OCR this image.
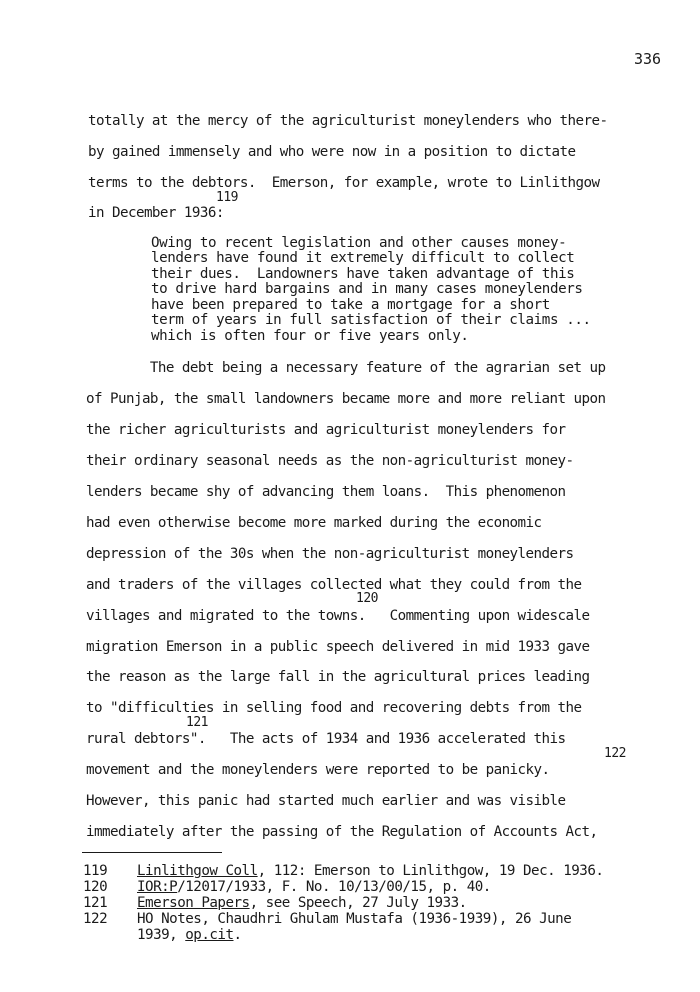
336
totally at the mercy of the agriculturist moneylenders who there-
by gained immensely and who were now in a position to dictate
terms to the debtors.  Emerson, for example, wrote to Linlithgow
119
in December 1936:
Owing to recent legislation and other causes money-
lenders have found it extremely difficult to collect
their dues.  Landowners have taken advantage of this
to drive hard bargains and in many cases moneylenders
have been prepared to take a mortgage for a short
term of years in full satisfaction of their claims ...
which is often four or five years only.
The debt being a necessary feature of the agrarian set up
of Punjab, the small landowners became more and more reliant upon
the richer agriculturists and agriculturist moneylenders for
their ordinary seasonal needs as the non-agriculturist money-
lenders became shy of advancing them loans.  This phenomenon
had even otherwise become more marked during the economic
depression of the 30s when the non-agriculturist moneylenders
and traders of the villages collected what they could from the
120
villages and migrated to the towns.   Commenting upon widescale
migration Emerson in a public speech delivered in mid 1933 gave
the reason as the large fall in the agricultural prices leading
to "difficulties in selling food and recovering debts from the
121
rural debtors".   The acts of 1934 and 1936 accelerated this
122
movement and the moneylenders were reported to be panicky.
However, this panic had started much earlier and was visible
immediately after the passing of the Regulation of Accounts Act,
119 Linlithgow Coll, 112: Emerson to Linlithgow, 19 Dec. 1936.
120 IOR:P/12017/1933, F. No. 10/13/00/15, p. 40.
121 Emerson Papers, see Speech, 27 July 1933.
122 HO Notes, Chaudhri Ghulam Mustafa (1936-1939), 26 June
1939, op.cit.
